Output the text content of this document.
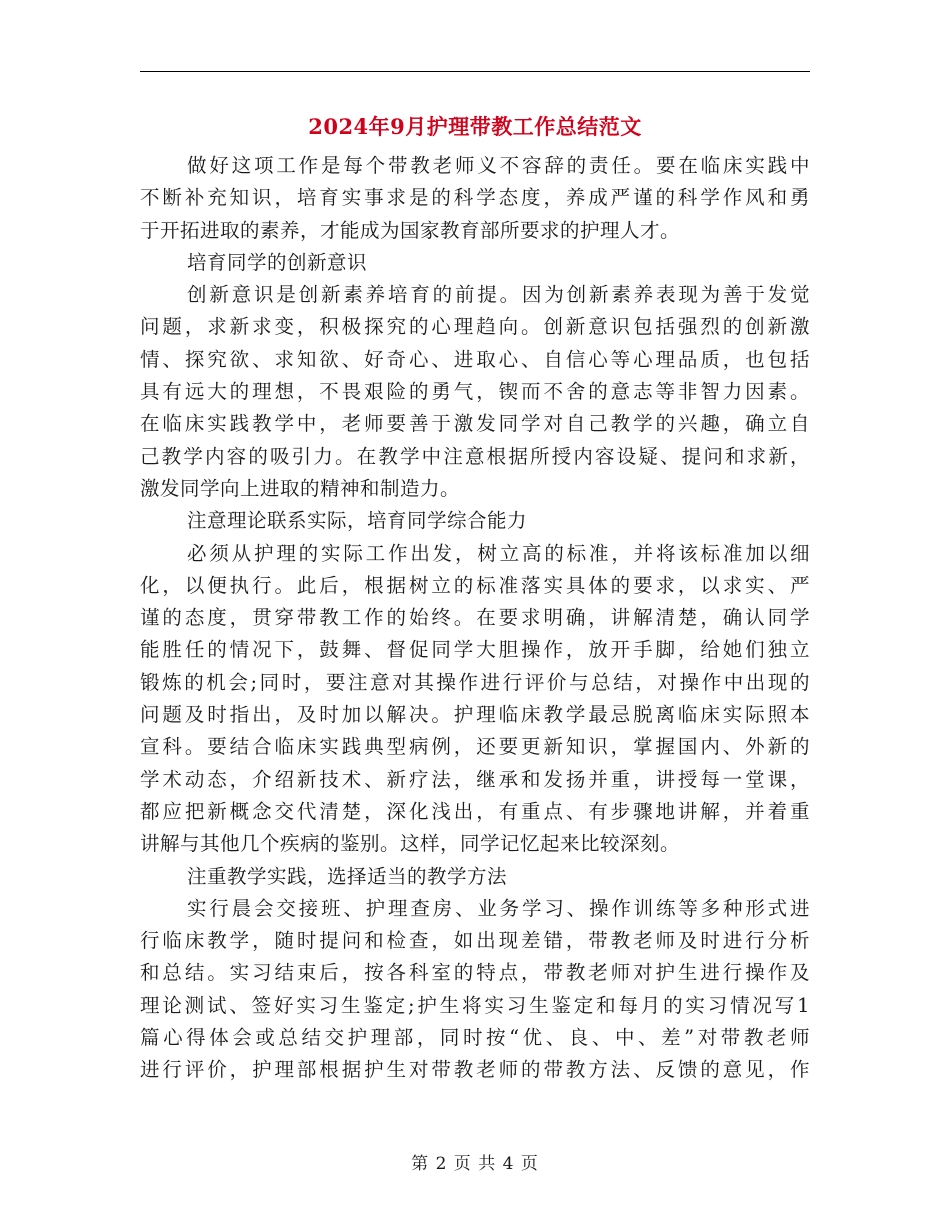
2024年9月护理带教工作总结范文
做好这项工作是每个带教老师义不容辞的责任。要在临床实践中
不断补充知识，培育实事求是的科学态度，养成严谨的科学作风和勇
于开拓进取的素养，才能成为国家教育部所要求的护理人才。
培育同学的创新意识
创新意识是创新素养培育的前提。因为创新素养表现为善于发觉
问题，求新求变，积极探究的心理趋向。创新意识包括强烈的创新激
情、探究欲、求知欲、好奇心、进取心、自信心等心理品质，也包括
具有远大的理想，不畏艰险的勇气，锲而不舍的意志等非智力因素。
在临床实践教学中，老师要善于激发同学对自己教学的兴趣，确立自
己教学内容的吸引力。在教学中注意根据所授内容设疑、提问和求新，
激发同学向上进取的精神和制造力。
注意理论联系实际，培育同学综合能力
必须从护理的实际工作出发，树立高的标准，并将该标准加以细
化，以便执行。此后，根据树立的标准落实具体的要求，以求实、严
谨的态度，贯穿带教工作的始终。在要求明确，讲解清楚，确认同学
能胜任的情况下，鼓舞、督促同学大胆操作，放开手脚，给她们独立
锻炼的机会;同时，要注意对其操作进行评价与总结，对操作中出现的
问题及时指出，及时加以解决。护理临床教学最忌脱离临床实际照本
宣科。要结合临床实践典型病例，还要更新知识，掌握国内、外新的
学术动态，介绍新技术、新疗法，继承和发扬并重，讲授每一堂课，
都应把新概念交代清楚，深化浅出，有重点、有步骤地讲解，并着重
讲解与其他几个疾病的鉴别。这样，同学记忆起来比较深刻。
注重教学实践，选择适当的教学方法
实行晨会交接班、护理查房、业务学习、操作训练等多种形式进
行临床教学，随时提问和检查，如出现差错，带教老师及时进行分析
和总结。实习结束后，按各科室的特点，带教老师对护生进行操作及
理论测试、签好实习生鉴定;护生将实习生鉴定和每月的实习情况写1
篇心得体会或总结交护理部，同时按“优、良、中、差”对带教老师
进行评价，护理部根据护生对带教老师的带教方法、反馈的意见，作
第 2 页 共 4 页
